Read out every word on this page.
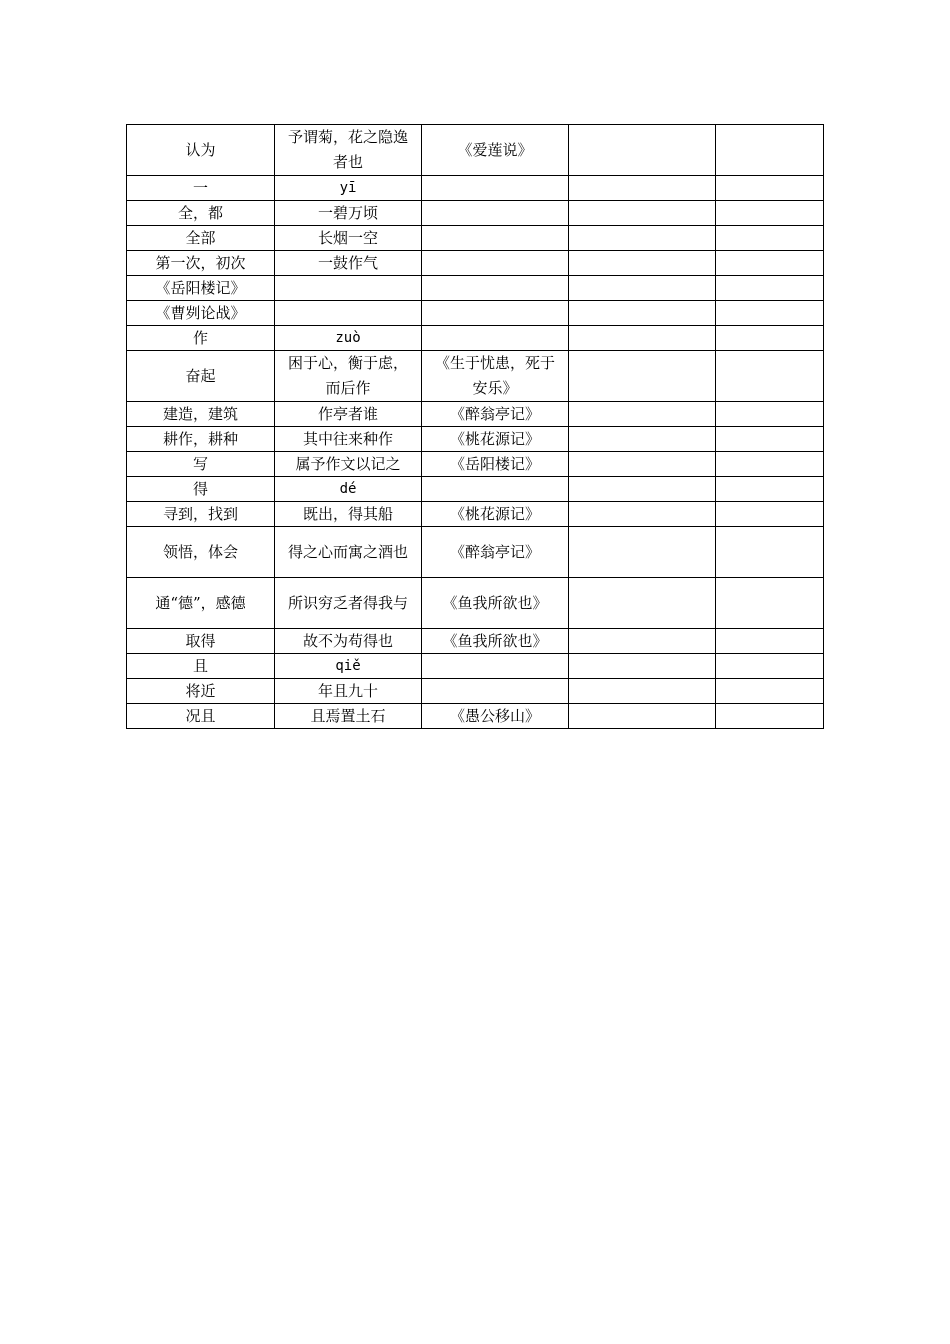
认为	予谓菊，花之隐逸者也	《爱莲说》		
一	yī			
全，都	一碧万顷			
全部	长烟一空			
第一次，初次	一鼓作气			
《岳阳楼记》				
《曹刿论战》				
作	zuò			
奋起	困于心，衡于虑，而后作	《生于忧患，死于安乐》		
建造，建筑	作亭者谁	《醉翁亭记》		
耕作，耕种	其中往来种作	《桃花源记》		
写	属予作文以记之	《岳阳楼记》		
得	dé			
寻到，找到	既出，得其船	《桃花源记》		
领悟，体会	得之心而寓之酒也	《醉翁亭记》		
通“德”，感德	所识穷乏者得我与	《鱼我所欲也》		
取得	故不为苟得也	《鱼我所欲也》		
且	qiě			
将近	年且九十			
况且	且焉置土石	《愚公移山》		
